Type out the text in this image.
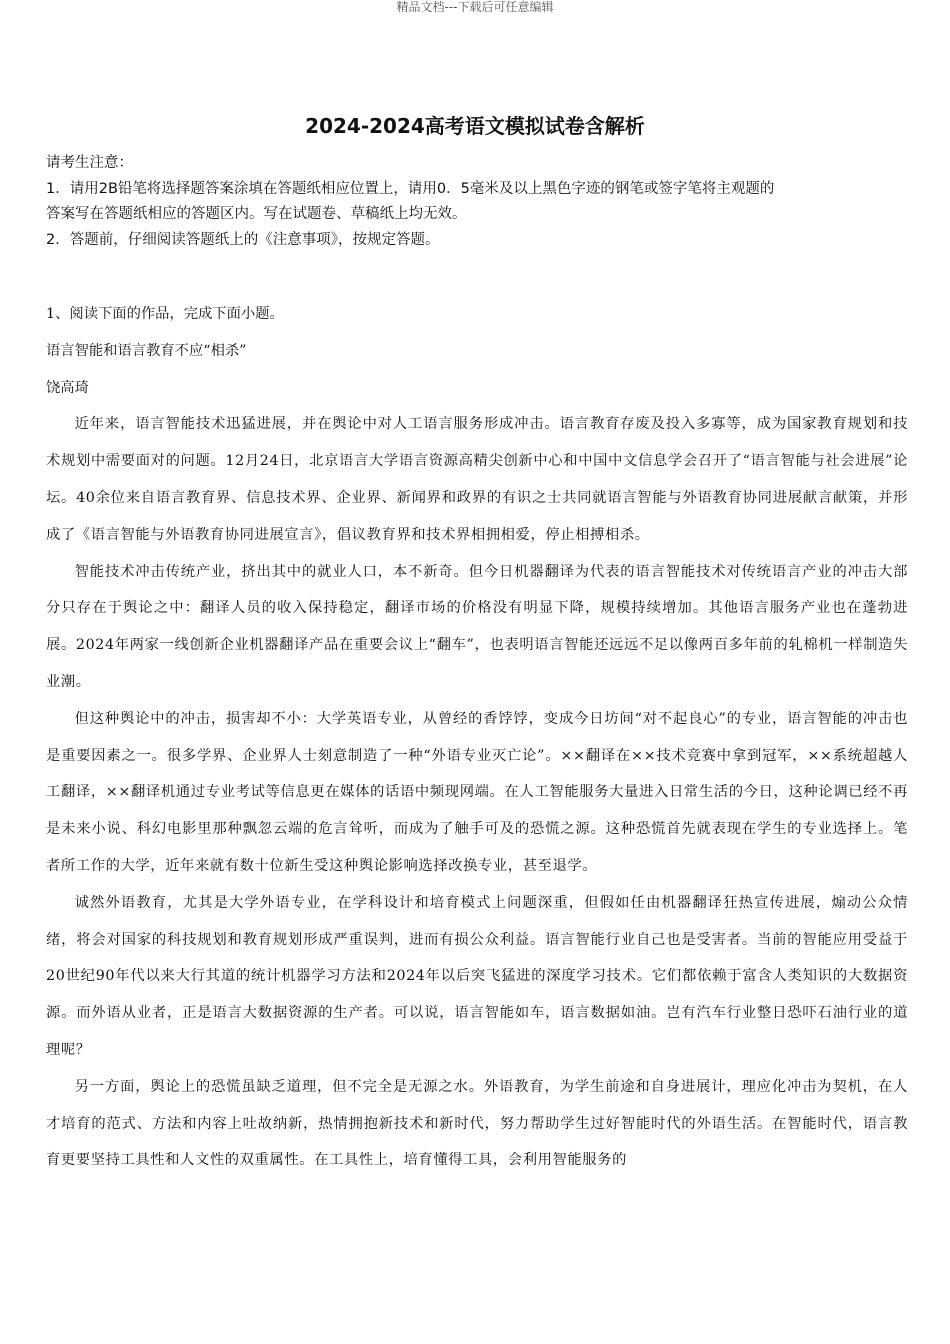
精品文档---下载后可任意编辑
2024-2024高考语文模拟试卷含解析
请考生注意：
1．请用2B铅笔将选择题答案涂填在答题纸相应位置上，请用0．5毫米及以上黑色字迹的钢笔或签字笔将主观题的
答案写在答题纸相应的答题区内。写在试题卷、草稿纸上均无效。
2．答题前，仔细阅读答题纸上的《注意事项》，按规定答题。
1、阅读下面的作品，完成下面小题。
语言智能和语言教育不应“相杀”
饶高琦
近年来，语言智能技术迅猛进展，并在舆论中对人工语言服务形成冲击。语言教育存废及投入多寡等，成为国家教育规划和技术规划中需要面对的问题。12月24日，北京语言大学语言资源高精尖创新中心和中国中文信息学会召开了“语言智能与社会进展”论坛。40余位来自语言教育界、信息技术界、企业界、新闻界和政界的有识之士共同就语言智能与外语教育协同进展献言献策，并形成了《语言智能与外语教育协同进展宣言》，倡议教育界和技术界相拥相爱，停止相搏相杀。
智能技术冲击传统产业，挤出其中的就业人口，本不新奇。但今日机器翻译为代表的语言智能技术对传统语言产业的冲击大部分只存在于舆论之中：翻译人员的收入保持稳定，翻译市场的价格没有明显下降，规模持续增加。其他语言服务产业也在蓬勃进展。2024年两家一线创新企业机器翻译产品在重要会议上“翻车”，也表明语言智能还远远不足以像两百多年前的轧棉机一样制造失业潮。
但这种舆论中的冲击，损害却不小：大学英语专业，从曾经的香饽饽，变成今日坊间“对不起良心”的专业，语言智能的冲击也是重要因素之一。很多学界、企业界人士刻意制造了一种“外语专业灭亡论”。××翻译在××技术竞赛中拿到冠军，××系统超越人工翻译，××翻译机通过专业考试等信息更在媒体的话语中频现网端。在人工智能服务大量进入日常生活的今日，这种论调已经不再是未来小说、科幻电影里那种飘忽云端的危言耸听，而成为了触手可及的恐慌之源。这种恐慌首先就表现在学生的专业选择上。笔者所工作的大学，近年来就有数十位新生受这种舆论影响选择改换专业，甚至退学。
诚然外语教育，尤其是大学外语专业，在学科设计和培育模式上问题深重，但假如任由机器翻译狂热宣传进展，煽动公众情绪，将会对国家的科技规划和教育规划形成严重误判，进而有损公众利益。语言智能行业自己也是受害者。当前的智能应用受益于20世纪90年代以来大行其道的统计机器学习方法和2024年以后突飞猛进的深度学习技术。它们都依赖于富含人类知识的大数据资源。而外语从业者，正是语言大数据资源的生产者。可以说，语言智能如车，语言数据如油。岂有汽车行业整日恐吓石油行业的道理呢？
另一方面，舆论上的恐慌虽缺乏道理，但不完全是无源之水。外语教育，为学生前途和自身进展计，理应化冲击为契机，在人才培育的范式、方法和内容上吐故纳新，热情拥抱新技术和新时代，努力帮助学生过好智能时代的外语生活。在智能时代，语言教育更要坚持工具性和人文性的双重属性。在工具性上，培育懂得工具，会利用智能服务的
